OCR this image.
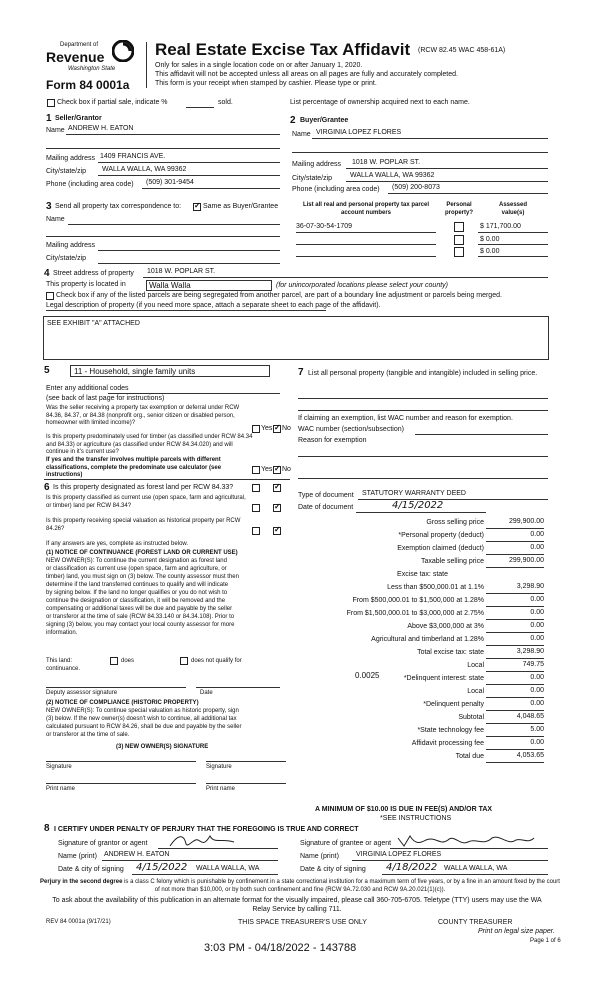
Department of
Revenue
Washington State
Form 84 0001a
Real Estate Excise Tax Affidavit (RCW 82.45 WAC 458-61A)
Only for sales in a single location code on or after January 1, 2020.
This affidavit will not be accepted unless all areas on all pages are fully and accurately completed.
This form is your receipt when stamped by cashier. Please type or print.
Check box if partial sale, indicate %	sold.	List percentage of ownership acquired next to each name.
1 Seller/Grantor
Name ANDREW H. EATON
Mailing address 1409 FRANCIS AVE.
City/state/zip WALLA WALLA, WA 99362
Phone (including area code) (509) 301-9454
2 Buyer/Grantee
Name VIRGINIA LOPEZ FLORES
Mailing address 1018 W. POPLAR ST.
City/state/zip	WALLA WALLA, WA 99362
Phone (including area code) (509) 200-8073
3 Send all property tax correspondence to: ✓	Same as Buyer/Grantee
Name
Mailing address
City/state/zip
List all real and personal property tax parcel account numbers
Personal property?
Assessed value(s)
36-07-30-54-1709	$ 171,700.00
$ 0.00
$ 0.00
4 Street address of property 1018 W. POPLAR ST.
This property is located in	Walla Walla	(for unincorporated locations please select your county)
Check box if any of the listed parcels are being segregated from another parcel, are part of a boundary line adjustment or parcels being merged.
Legal description of property (if you need more space, attach a separate sheet to each page of the affidavit).
SEE EXHIBIT "A" ATTACHED
5	11 - Household, single family units
Enter any additional codes
(see back of last page for instructions)
Was the seller receiving a property tax exemption or deferral under RCW 84.36, 84.37, or 84.38 (nonprofit org., senior citizen or disabled person, homeowner with limited income)?
Yes ✓ No
Is this property predominately used for timber (as classified under RCW 84.34 and 84.33) or agriculture (as classified under RCW 84.34.020) and will continue in it's current use?
If yes and the transfer involves multiple parcels with different classifications, complete the predominate use calculator (see instructions)
Yes ✓ No
6 Is this property designated as forest land per RCW 84.33?
✓
Is this property classified as current use (open space, farm and agricultural, or timber) land per RCW 84.34?
✓
Is this property receiving special valuation as historical property per RCW 84.26?
✓
If any answers are yes, complete as instructed below.
(1) NOTICE OF CONTINUANCE (FOREST LAND OR CURRENT USE)
NEW OWNER(S): To continue the current designation as forest land
or classification as current use (open space, farm and agriculture, or
timber) land, you must sign on (3) below. The county assessor must then
determine if the land transferred continues to qualify and will indicate
by signing below. If the land no longer qualifies or you do not wish to
continue the designation or classification, it will be removed and the
compensating or additional taxes will be due and payable by the seller
or transferor at the time of sale (RCW 84.33.140 or 84.34.108). Prior to
signing (3) below, you may contact your local county assessor for more
information.
This land:	does	does not qualify for
continuance.
Deputy assessor signature	Date
(2) NOTICE OF COMPLIANCE (HISTORIC PROPERTY)
NEW OWNER(S): To continue special valuation as historic property, sign
(3) below. If the new owner(s) doesn't wish to continue, all additional tax
calculated pursuant to RCW 84.26, shall be due and payable by the seller
or transferor at the time of sale.
(3) NEW OWNER(S) SIGNATURE
Signature	Signature
Print name	Print name
7 List all personal property (tangible and intangible) included in selling price.
If claiming an exemption, list WAC number and reason for exemption.
WAC number (section/subsection)
Reason for exemption
Type of document STATUTORY WARRANTY DEED
Date of document	4/15/2022
Gross selling price	299,900.00
*Personal property (deduct)	0.00
Exemption claimed (deduct)	0.00
Taxable selling price	299,900.00
Excise tax: state
Less than $500,000.01 at 1.1%	3,298.90
From $500,000.01 to $1,500,000 at 1.28%	0.00
From $1,500,000.01 to $3,000,000 at 2.75%	0.00
Above $3,000,000 at 3%	0.00
Agricultural and timberland at 1.28%	0.00
Total excise tax: state	3,298.90
Local	749.75
*Delinquent interest: state	0.00
Local	0.00
*Delinquent penalty	0.00
Subtotal	4,048.65
*State technology fee	5.00
Affidavit processing fee	0.00
Total due	4,053.65
0.0025
A MINIMUM OF $10.00 IS DUE IN FEE(S) AND/OR TAX
*SEE INSTRUCTIONS
8 I CERTIFY UNDER PENALTY OF PERJURY THAT THE FOREGOING IS TRUE AND CORRECT
Signature of grantor or agent
Name (print) ANDREW H. EATON
Date & city of signing 4/15/2022 WALLA WALLA, WA
Signature of grantee or agent
Name (print) VIRGINIA LOPEZ FLORES
Date & city of signing 4/18/2022 WALLA WALLA, WA
Perjury in the second degree is a class C felony which is punishable by confinement in a state correctional institution for a maximum term of five years, or by a fine in an amount fixed by the court of not more than $10,000, or by both such confinement and fine (RCW 9A.72.030 and RCW 9A.20.021(1)(c)).
To ask about the availability of this publication in an alternate format for the visually impaired, please call 360-705-6705. Teletype (TTY) users may use the WA Relay Service by calling 711.
REV 84 0001a (9/17/21)	THIS SPACE TREASURER'S USE ONLY	COUNTY TREASURER
Print on legal size paper.
Page 1 of 6
3:03 PM - 04/18/2022 - 143788
